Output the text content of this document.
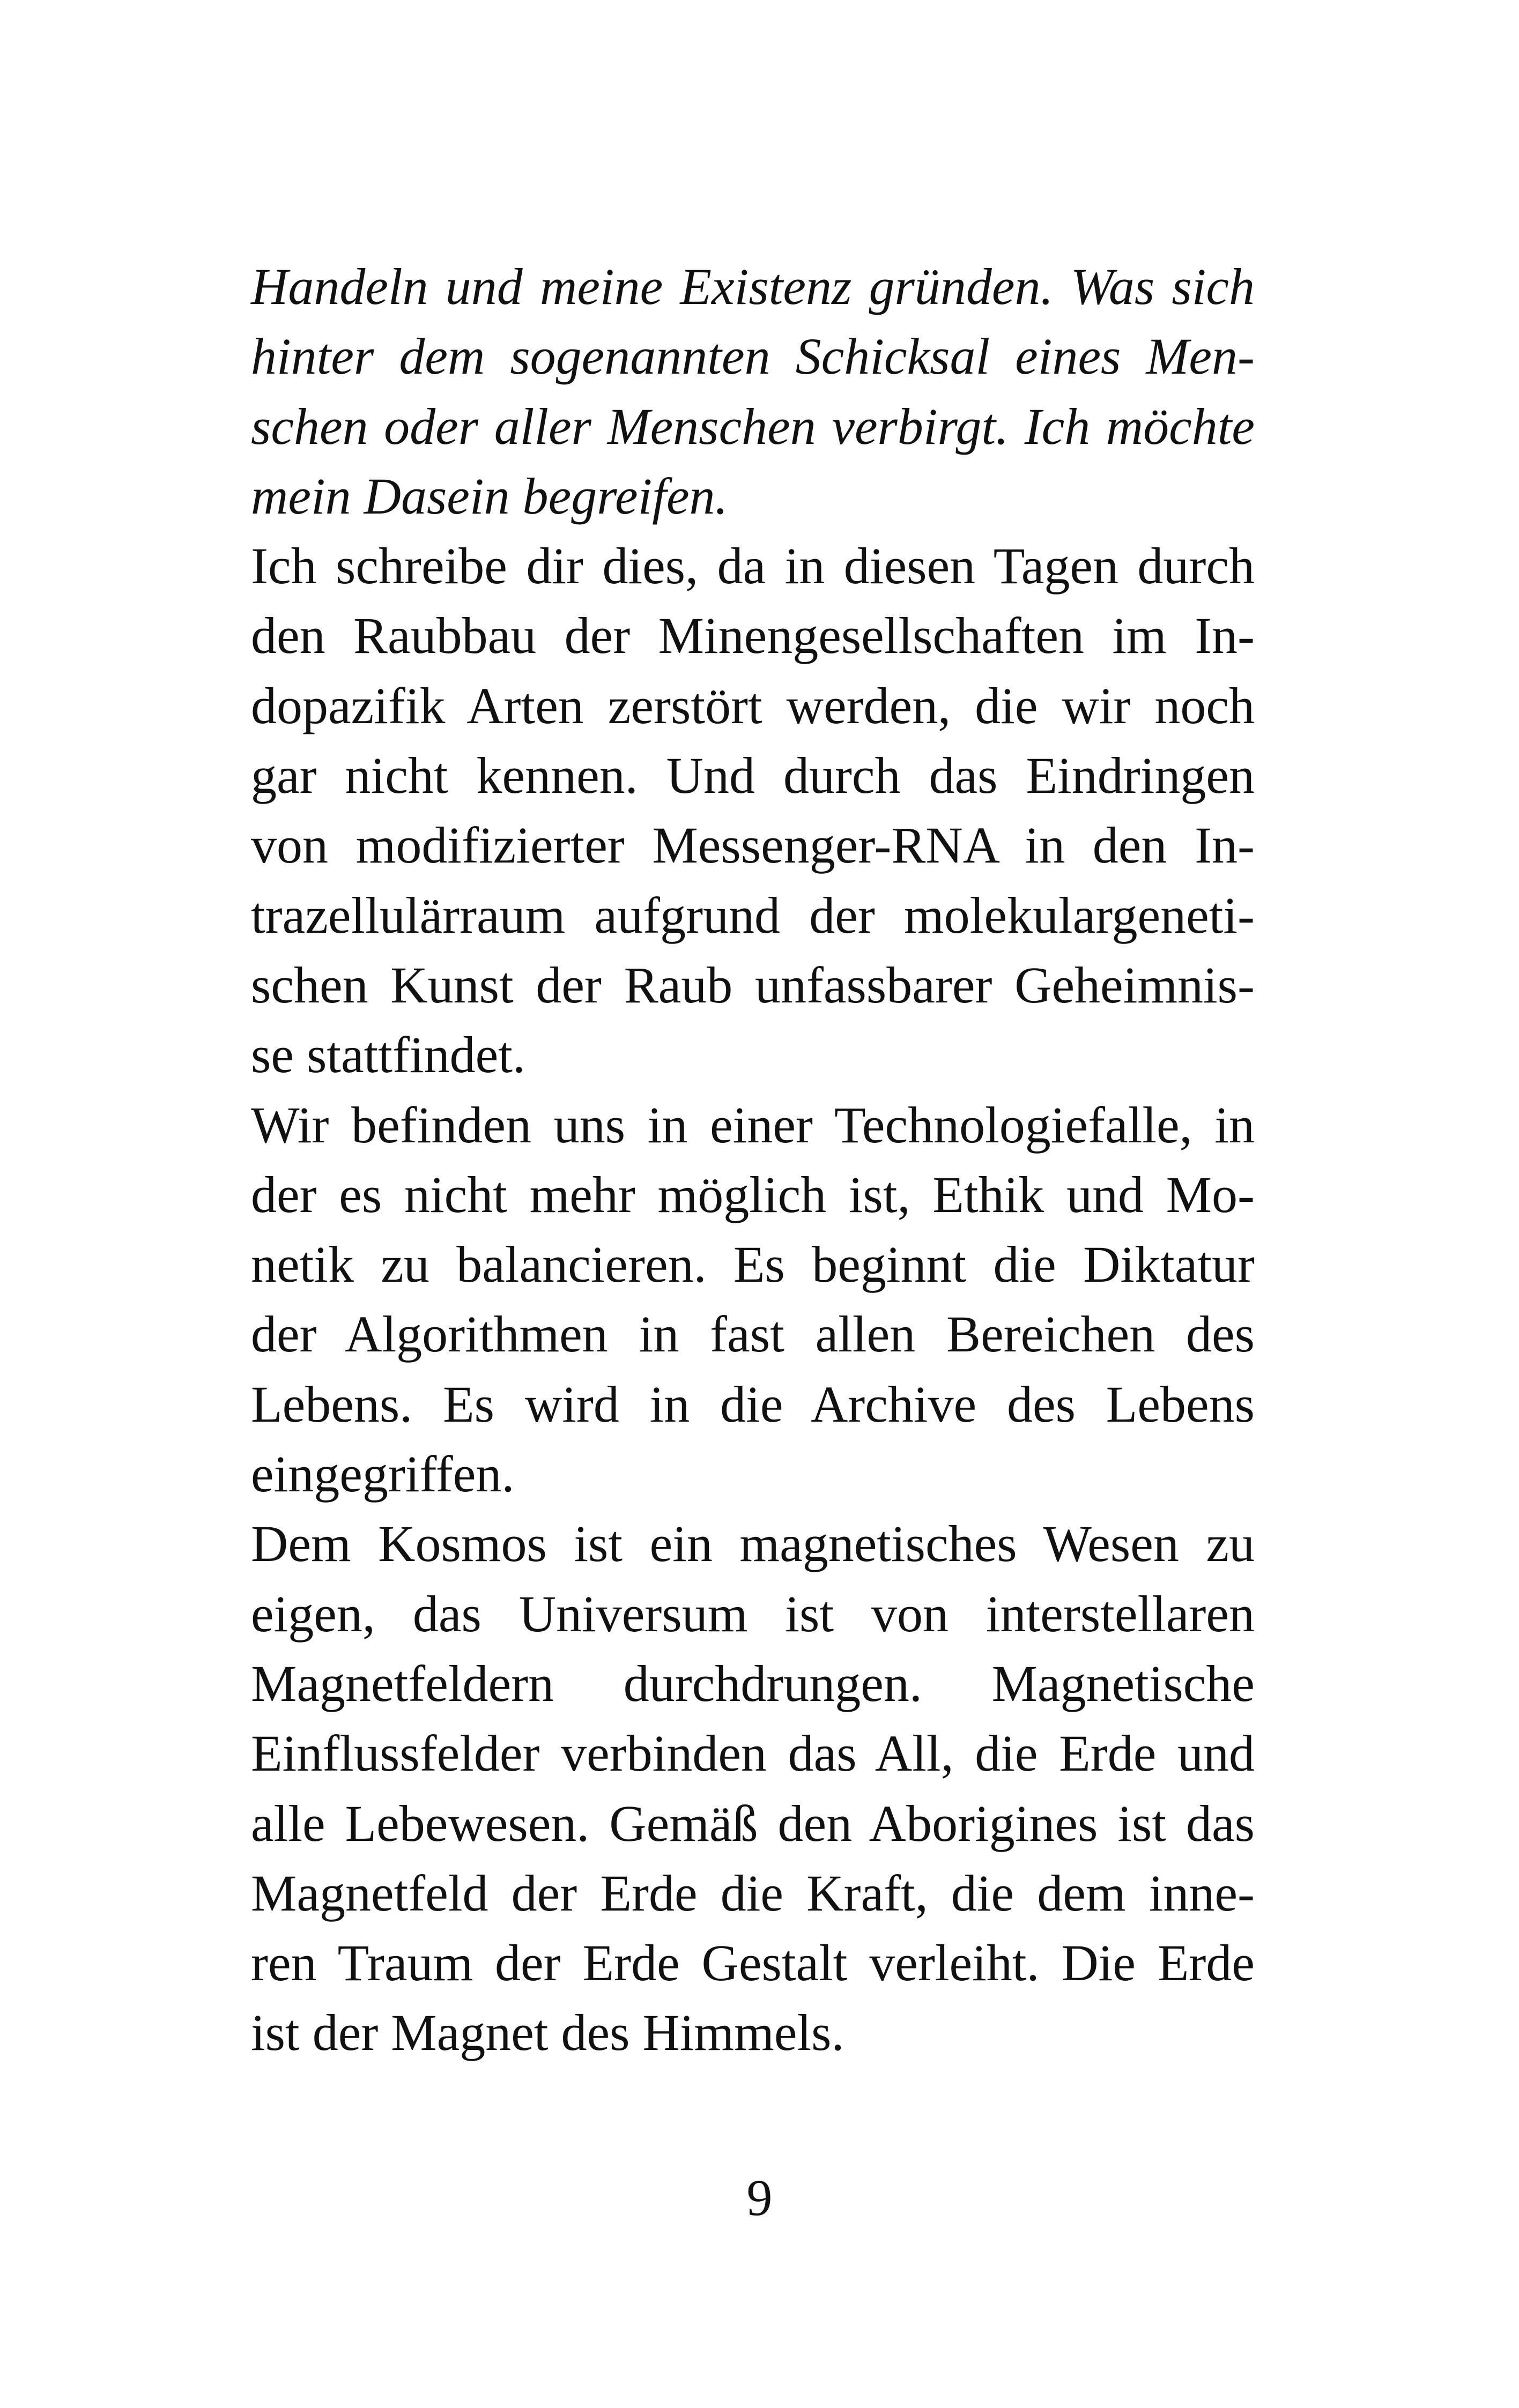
Handeln und meine Existenz gründen. Was sich
hinter dem sogenannten Schicksal eines Men-
schen oder aller Menschen verbirgt. Ich möchte
mein Dasein begreifen.
Ich schreibe dir dies, da in diesen Tagen durch
den Raubbau der Minengesellschaften im In-
dopazifik Arten zerstört werden, die wir noch
gar nicht kennen. Und durch das Eindringen
von modifizierter Messenger-RNA in den In-
trazellulärraum aufgrund der molekulargeneti-
schen Kunst der Raub unfassbarer Geheimnis-
se stattfindet.
Wir befinden uns in einer Technologiefalle, in
der es nicht mehr möglich ist, Ethik und Mo-
netik zu balancieren. Es beginnt die Diktatur
der Algorithmen in fast allen Bereichen des
Lebens. Es wird in die Archive des Lebens
eingegriffen.
Dem Kosmos ist ein magnetisches Wesen zu
eigen, das Universum ist von interstellaren
Magnetfeldern durchdrungen. Magnetische
Einflussfelder verbinden das All, die Erde und
alle Lebewesen. Gemäß den Aborigines ist das
Magnetfeld der Erde die Kraft, die dem inne-
ren Traum der Erde Gestalt verleiht. Die Erde
ist der Magnet des Himmels.
9
